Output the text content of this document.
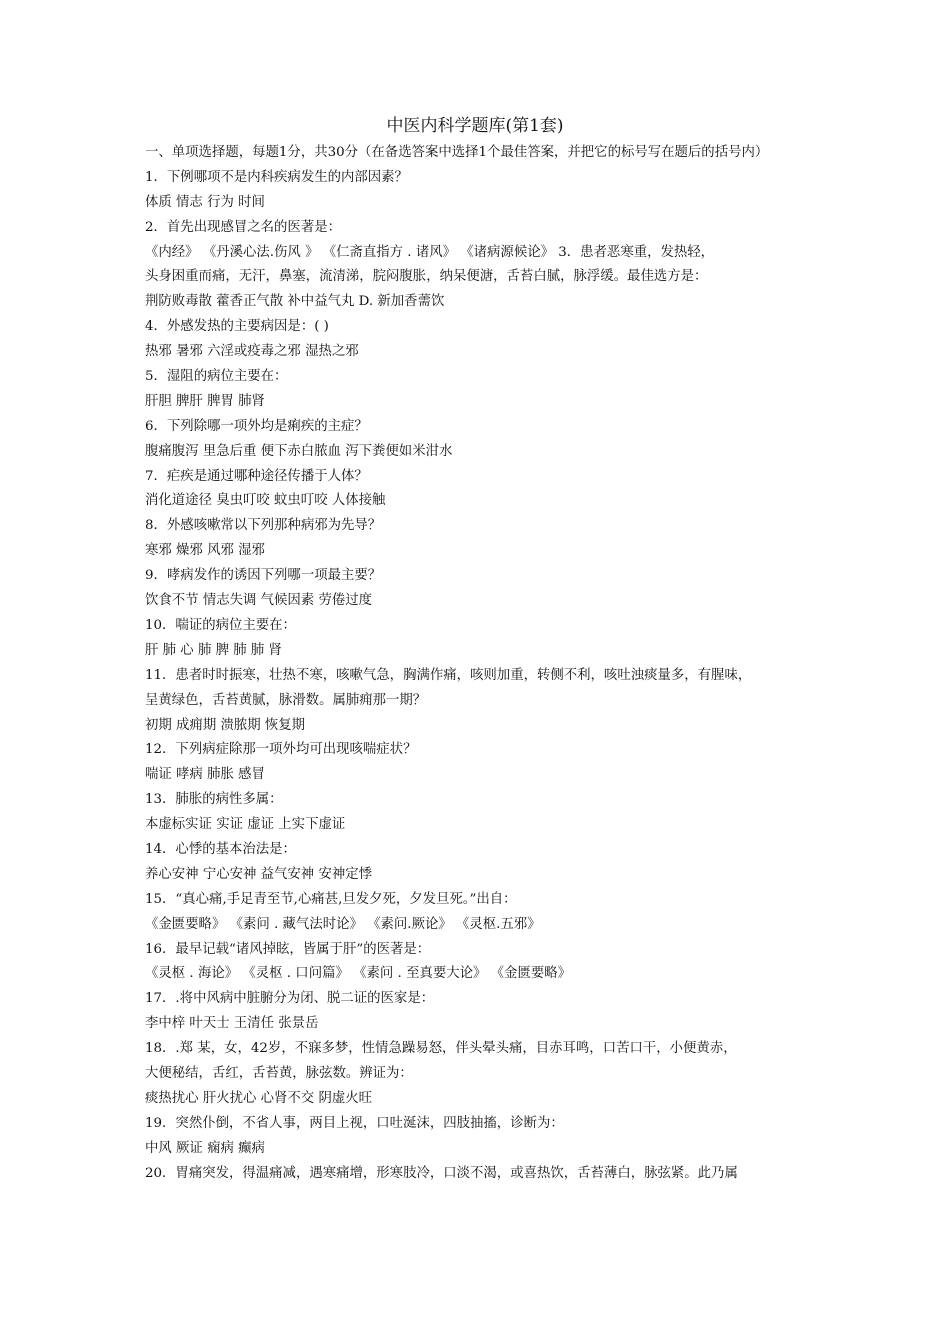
中医内科学题库(第1套)
一、单项选择题，每题1分，共30分（在备选答案中选择1个最佳答案，并把它的标号写在题后的括号内）
1．下例哪项不是内科疾病发生的内部因素？
体质 情志 行为 时间
2．首先出现感冒之名的医著是：
《内经》 《丹溪心法.伤风 》 《仁斋直指方 . 诸风》 《诸病源候论》 3．患者恶寒重，发热轻，
头身困重而痛，无汗，鼻塞，流清涕，脘闷腹胀，纳呆便溏，舌苔白腻，脉浮缓。最佳选方是：
荆防败毒散 藿香正气散 补中益气丸 D. 新加香薷饮
4．外感发热的主要病因是：( )
热邪 暑邪 六淫或疫毒之邪 湿热之邪
5．湿阻的病位主要在：
肝胆 脾肝 脾胃 肺肾
6．下列除哪一项外均是痢疾的主症？
腹痛腹泻 里急后重 便下赤白脓血 泻下粪便如米泔水
7．疟疾是通过哪种途径传播于人体？
消化道途径 臭虫叮咬 蚊虫叮咬 人体接触
8．外感咳嗽常以下列那种病邪为先导？
寒邪 燥邪 风邪 湿邪
9．哮病发作的诱因下列哪一项最主要？
饮食不节 情志失调 气候因素 劳倦过度
10．喘证的病位主要在：
肝 肺 心 肺 脾 肺 肺 肾
11．患者时时振寒，壮热不寒，咳嗽气急，胸满作痛，咳则加重，转侧不利，咳吐浊痰量多，有腥味，
呈黄绿色，舌苔黄腻，脉滑数。属肺痈那一期？
初期 成痈期 溃脓期 恢复期
12．下列病症除那一项外均可出现咳喘症状？
喘证 哮病 肺胀 感冒
13．肺胀的病性多属：
本虚标实证 实证 虚证 上实下虚证
14．心悸的基本治法是：
养心安神 宁心安神 益气安神 安神定悸
15．“真心痛,手足青至节,心痛甚,旦发夕死，夕发旦死。”出自：
《金匮要略》 《素问 . 藏气法时论》 《素问.厥论》 《灵枢.五邪》
16．最早记载“诸风掉眩，皆属于肝”的医著是：
《灵枢 . 海论》 《灵枢 . 口问篇》 《素问 . 至真要大论》 《金匮要略》
17．.将中风病中脏腑分为闭、脱二证的医家是：
李中梓 叶天士 王清任 张景岳
18．.郑 某，女，42岁，不寐多梦，性情急躁易怒，伴头晕头痛，目赤耳鸣，口苦口干，小便黄赤，
大便秘结，舌红，舌苔黄，脉弦数。辨证为：
痰热扰心 肝火扰心 心肾不交 阴虚火旺
19．突然仆倒，不省人事，两目上视，口吐涎沫，四肢抽搐，诊断为：
中风 厥证 痫病 癫病
20．胃痛突发，得温痛减，遇寒痛增，形寒肢冷，口淡不渴，或喜热饮，舌苔薄白，脉弦紧。此乃属
